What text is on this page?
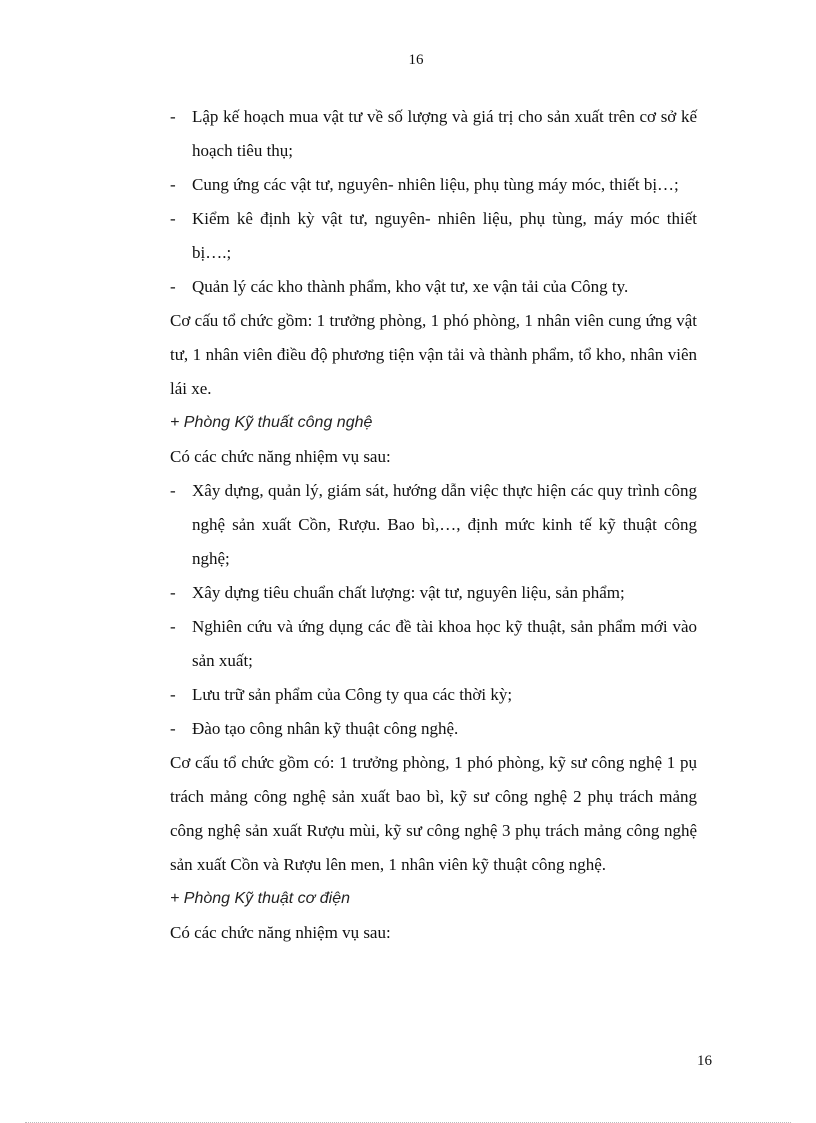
16
- Lập kế hoạch mua vật tư về số lượng và giá trị cho sản xuất trên cơ sở kế hoạch tiêu thụ;
- Cung ứng các vật tư, nguyên- nhiên liệu, phụ tùng máy móc, thiết bị…;
- Kiểm kê định kỳ vật tư, nguyên- nhiên liệu, phụ tùng, máy móc thiết bị….;
- Quản lý các kho thành phẩm, kho vật tư, xe vận tải của Công ty.

Cơ cấu tổ chức gồm: 1 trưởng phòng, 1 phó phòng, 1 nhân viên cung ứng vật tư, 1 nhân viên điều độ phương tiện vận tải và thành phẩm, tổ kho, nhân viên lái xe.

+ Phòng Kỹ thuất công nghệ

Có các chức năng nhiệm vụ sau:

- Xây dựng, quản lý, giám sát, hướng dẫn việc thực hiện các quy trình công nghệ sản xuất Cồn, Rượu. Bao bì,…, định mức kinh tế kỹ thuật công nghệ;
- Xây dựng tiêu chuẩn chất lượng: vật tư, nguyên liệu, sản phẩm;
- Nghiên cứu và ứng dụng các đề tài khoa học kỹ thuật, sản phẩm mới vào sản xuất;
- Lưu trữ sản phẩm của Công ty qua các thời kỳ;
- Đào tạo công nhân kỹ thuật công nghệ.

Cơ cấu tổ chức gồm có: 1 trưởng phòng, 1 phó phòng, kỹ sư công nghệ 1 pụ trách mảng công nghệ sản xuất bao bì, kỹ sư công nghệ 2 phụ trách mảng công nghệ sản xuất Rượu mùi, kỹ sư công nghệ 3 phụ trách mảng công nghệ sản xuất Cồn và Rượu lên men, 1 nhân viên kỹ thuật công nghệ.

+ Phòng Kỹ thuật cơ điện

Có các chức năng nhiệm vụ sau:

16
